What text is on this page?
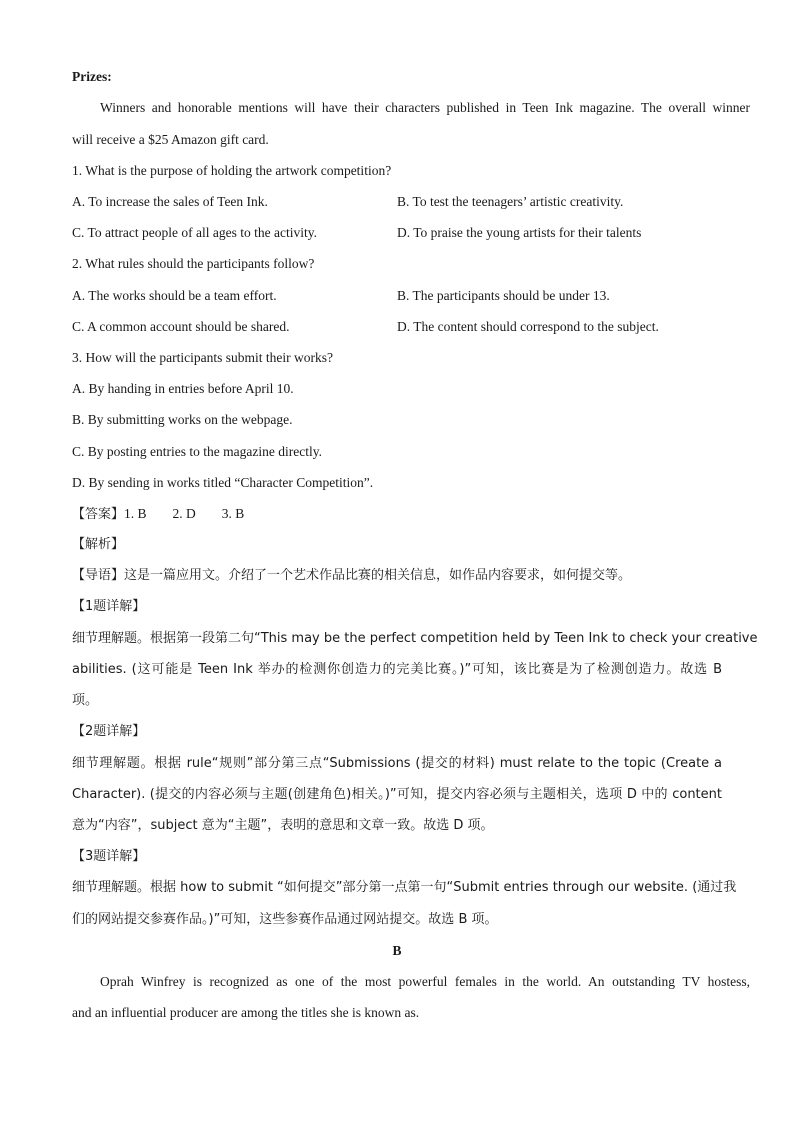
Prizes:
Winners and honorable mentions will have their characters published in Teen Ink magazine. The overall winner
will receive a $25 Amazon gift card.
1. What is the purpose of holding the artwork competition?
A. To increase the sales of Teen Ink.	B. To test the teenagers’ artistic creativity.
C. To attract people of all ages to the activity.	D. To praise the young artists for their talents
2. What rules should the participants follow?
A. The works should be a team effort.	B. The participants should be under 13.
C. A common account should be shared.	D. The content should correspond to the subject.
3. How will the participants submit their works?
A. By handing in entries before April 10.
B. By submitting works on the webpage.
C. By posting entries to the magazine directly.
D. By sending in works titled “Character Competition”.
【答案】1. B 2. D 3. B
【解析】
【导语】这是一篇应用文。介绍了一个艺术作品比赛的相关信息，如作品内容要求，如何提交等。
【1题详解】
细节理解题。根据第一段第二句“This may be the perfect competition held by Teen Ink to check your creative
abilities. (这可能是 Teen Ink 举办的检测你创造力的完美比赛。)”可知，该比赛是为了检测创造力。故选 B
项。
【2题详解】
细节理解题。根据 rule“规则”部分第三点“Submissions (提交的材料) must relate to the topic (Create a
Character). (提交的内容必须与主题(创建角色)相关。)”可知，提交内容必须与主题相关，选项 D 中的 content
意为“内容”，subject 意为“主题”，表明的意思和文章一致。故选 D 项。
【3题详解】
细节理解题。根据 how to submit “如何提交”部分第一点第一句“Submit entries through our website. (通过我
们的网站提交参赛作品。)”可知，这些参赛作品通过网站提交。故选 B 项。
B
Oprah Winfrey is recognized as one of the most powerful females in the world. An outstanding TV hostess,
and an influential producer are among the titles she is known as.
